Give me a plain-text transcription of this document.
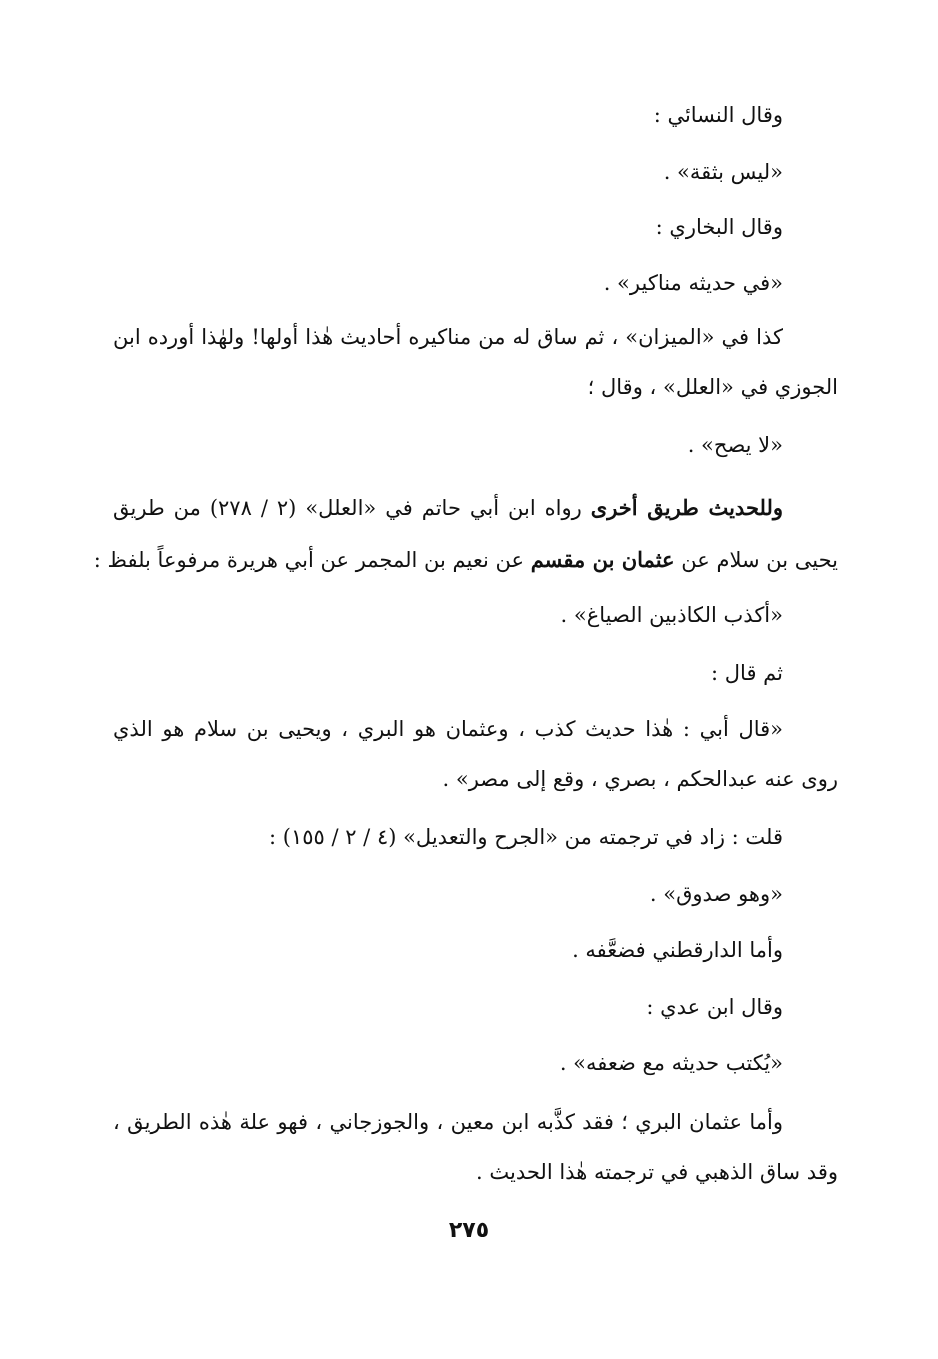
وقال النسائي :
«ليس بثقة» .
وقال البخاري :
«في حديثه مناكير» .
كذا في «الميزان» ، ثم ساق له من مناكيره أحاديث هٰذا أولها! ولهٰذا أورده ابن
الجوزي في «العلل» ، وقال ؛
«لا يصح» .
وللحديث طريق أخرى رواه ابن أبي حاتم في «العلل» (٢ / ٢٧٨) من طريق
يحيى بن سلام عن عثمان بن مقسم عن نعيم بن المجمر عن أبي هريرة مرفوعاً بلفظ :
«أكذب الكاذبين الصياغ» .
ثم قال :
«قال أبي : هٰذا حديث كذب ، وعثمان هو البري ، ويحيى بن سلام هو الذي
روى عنه عبدالحكم ، بصري ، وقع إلى مصر» .
قلت : زاد في ترجمته من «الجرح والتعديل» (٤ / ٢ / ١٥٥) :
«وهو صدوق» .
وأما الدارقطني فضعَّفه .
وقال ابن عدي :
«يُكتب حديثه مع ضعفه» .
وأما عثمان البري ؛ فقد كذَّبه ابن معين ، والجوزجاني ، فهو علة هٰذه الطريق ،
وقد ساق الذهبي في ترجمته هٰذا الحديث .
٢٧٥
